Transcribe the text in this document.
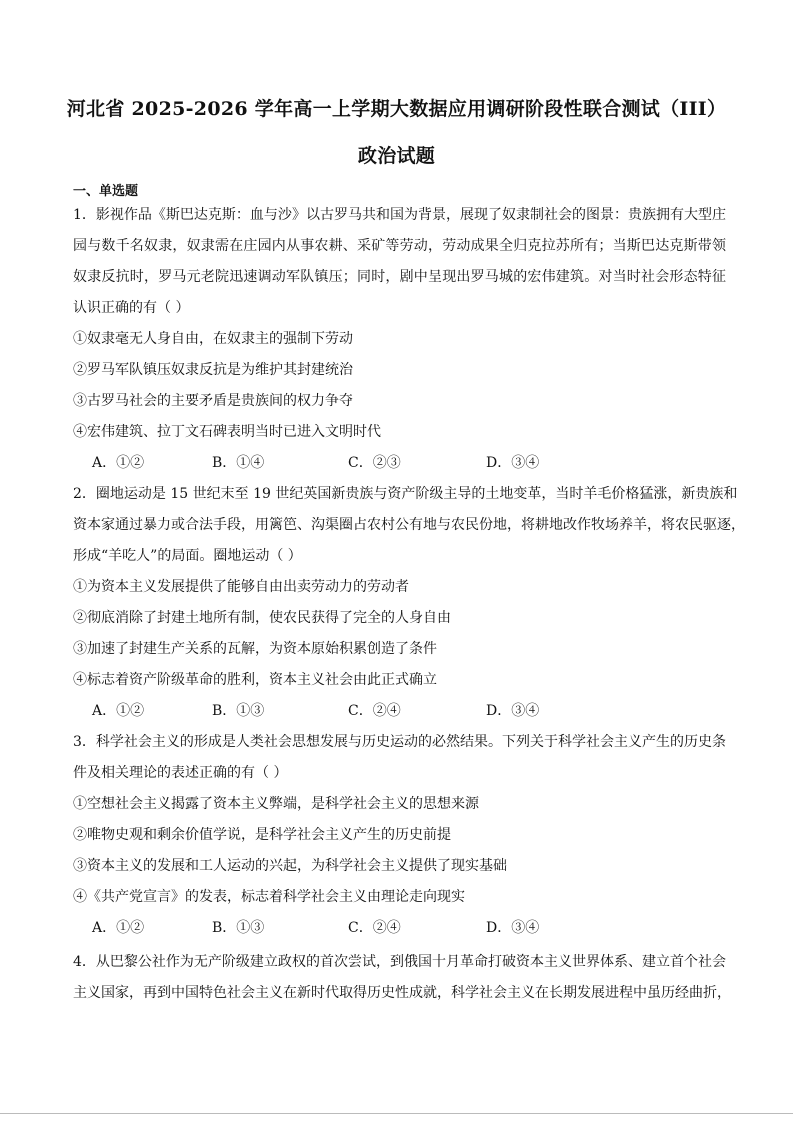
河北省 2025-2026 学年高一上学期大数据应用调研阶段性联合测试（III）
政治试题
一、单选题
1．影视作品《斯巴达克斯：血与沙》以古罗马共和国为背景，展现了奴隶制社会的图景：贵族拥有大型庄
园与数千名奴隶，奴隶需在庄园内从事农耕、采矿等劳动，劳动成果全归克拉苏所有；当斯巴达克斯带领
奴隶反抗时，罗马元老院迅速调动军队镇压；同时，剧中呈现出罗马城的宏伟建筑。对当时社会形态特征
认识正确的有（ ）
①奴隶毫无人身自由，在奴隶主的强制下劳动
②罗马军队镇压奴隶反抗是为维护其封建统治
③古罗马社会的主要矛盾是贵族间的权力争夺
④宏伟建筑、拉丁文石碑表明当时已进入文明时代
A．①②	B．①④	C．②③	D．③④
2．圈地运动是 15 世纪末至 19 世纪英国新贵族与资产阶级主导的土地变革，当时羊毛价格猛涨，新贵族和
资本家通过暴力或合法手段，用篱笆、沟渠圈占农村公有地与农民份地，将耕地改作牧场养羊，将农民驱逐，
形成“羊吃人”的局面。圈地运动（ ）
①为资本主义发展提供了能够自由出卖劳动力的劳动者
②彻底消除了封建土地所有制，使农民获得了完全的人身自由
③加速了封建生产关系的瓦解，为资本原始积累创造了条件
④标志着资产阶级革命的胜利，资本主义社会由此正式确立
A．①②	B．①③	C．②④	D．③④
3．科学社会主义的形成是人类社会思想发展与历史运动的必然结果。下列关于科学社会主义产生的历史条
件及相关理论的表述正确的有（ ）
①空想社会主义揭露了资本主义弊端，是科学社会主义的思想来源
②唯物史观和剩余价值学说，是科学社会主义产生的历史前提
③资本主义的发展和工人运动的兴起，为科学社会主义提供了现实基础
④《共产党宣言》的发表，标志着科学社会主义由理论走向现实
A．①②	B．①③	C．②④	D．③④
4．从巴黎公社作为无产阶级建立政权的首次尝试，到俄国十月革命打破资本主义世界体系、建立首个社会
主义国家，再到中国特色社会主义在新时代取得历史性成就，科学社会主义在长期发展进程中虽历经曲折，
